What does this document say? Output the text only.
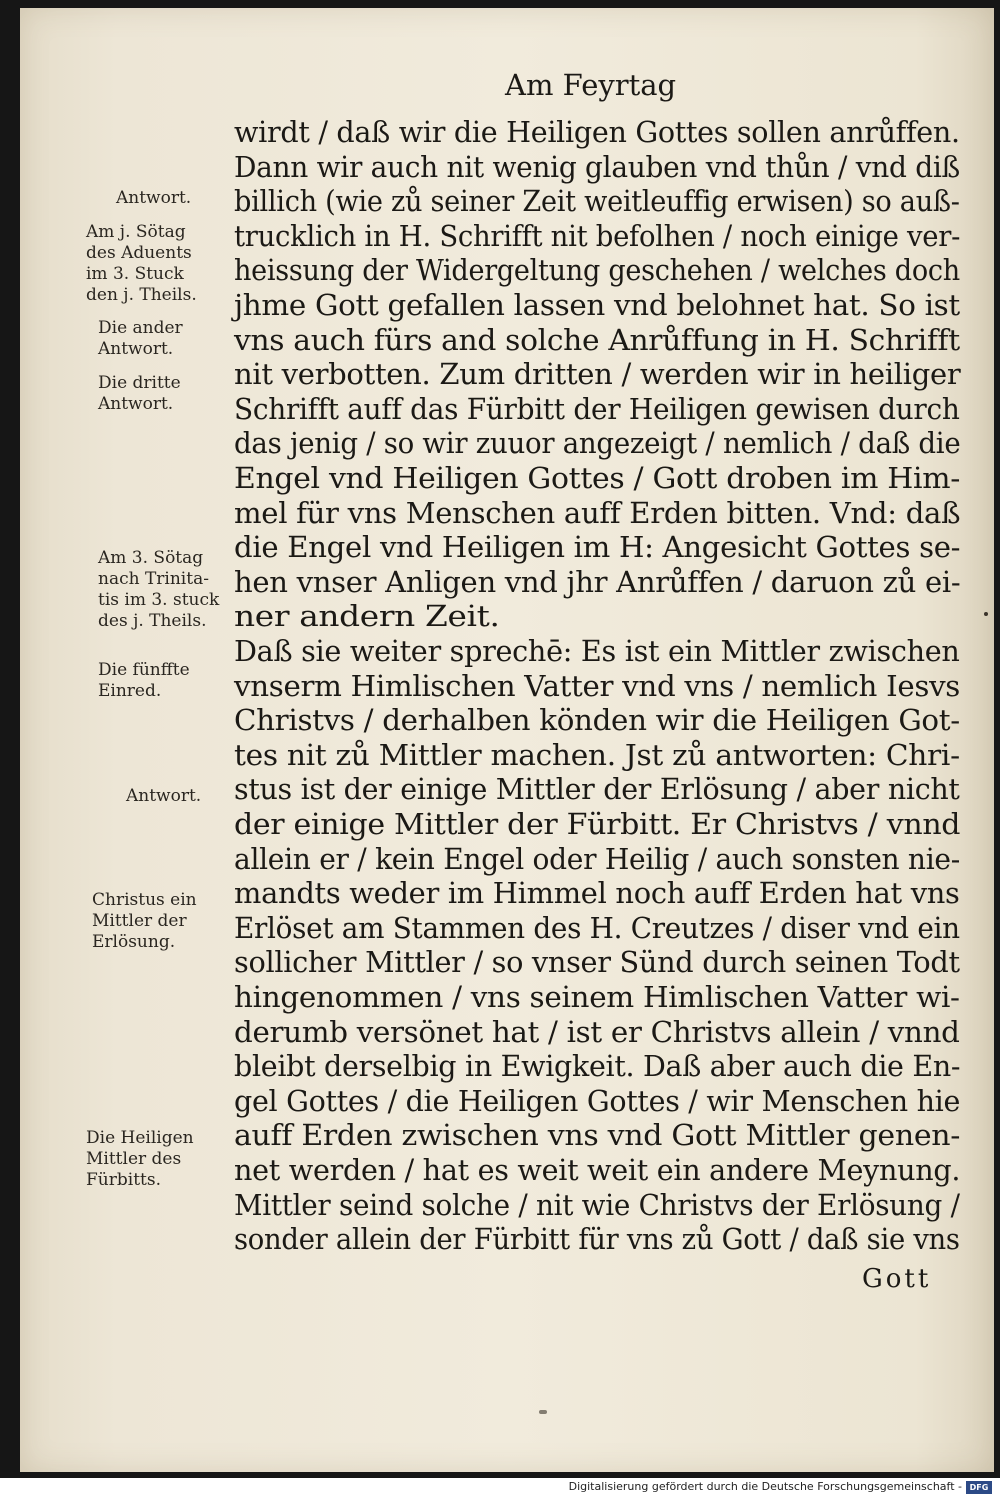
Am Feyrtag
wirdt / daß wir die Heiligen Gottes sollen anrůffen.
Dann wir auch nit wenig glauben vnd thůn / vnd diß
billich (wie zů seiner Zeit weitleuffig erwisen) so auß-
trucklich in H. Schrifft nit befolhen / noch einige ver-
heissung der Widergeltung geschehen / welches doch
jhme Gott gefallen lassen vnd belohnet hat. So ist
vns auch fürs and solche Anrůffung in H. Schrifft
nit verbotten. Zum dritten / werden wir in heiliger
Schrifft auff das Fürbitt der Heiligen gewisen durch
das jenig / so wir zuuor angezeigt / nemlich / daß die
Engel vnd Heiligen Gottes / Gott droben im Him-
mel für vns Menschen auff Erden bitten. Vnd: daß
die Engel vnd Heiligen im H: Angesicht Gottes se-
hen vnser Anligen vnd jhr Anrůffen / daruon zů ei-
ner andern Zeit.
Daß sie weiter sprechē: Es ist ein Mittler zwischen
vnserm Himlischen Vatter vnd vns / nemlich Iesvs
Christvs / derhalben könden wir die Heiligen Got-
tes nit zů Mittler machen. Jst zů antworten: Chri-
stus ist der einige Mittler der Erlösung / aber nicht
der einige Mittler der Fürbitt. Er Christvs / vnnd
allein er / kein Engel oder Heilig / auch sonsten nie-
mandts weder im Himmel noch auff Erden hat vns
Erlöset am Stammen des H. Creutzes / diser vnd ein
sollicher Mittler / so vnser Sünd durch seinen Todt
hingenommen / vns seinem Himlischen Vatter wi-
derumb versönet hat / ist er Christvs allein / vnnd
bleibt derselbig in Ewigkeit. Daß aber auch die En-
gel Gottes / die Heiligen Gottes / wir Menschen hie
auff Erden zwischen vns vnd Gott Mittler genen-
net werden / hat es weit weit ein andere Meynung.
Mittler seind solche / nit wie Christvs der Erlösung /
sonder allein der Fürbitt für vns zů Gott / daß sie vns
Antwort.
Am j. Sötag
des Aduents
im 3. Stuck
den j. Theils.
Die ander
Antwort.
Die dritte
Antwort.
Am 3. Sötag
nach Trinita-
tis im 3. stuck
des j. Theils.
Die fünffte
Einred.
Antwort.
Christus ein
Mittler der
Erlösung.
Die Heiligen
Mittler des
Fürbitts.
Gott
Digitalisierung gefördert durch die Deutsche Forschungsgemeinschaft - DFG
